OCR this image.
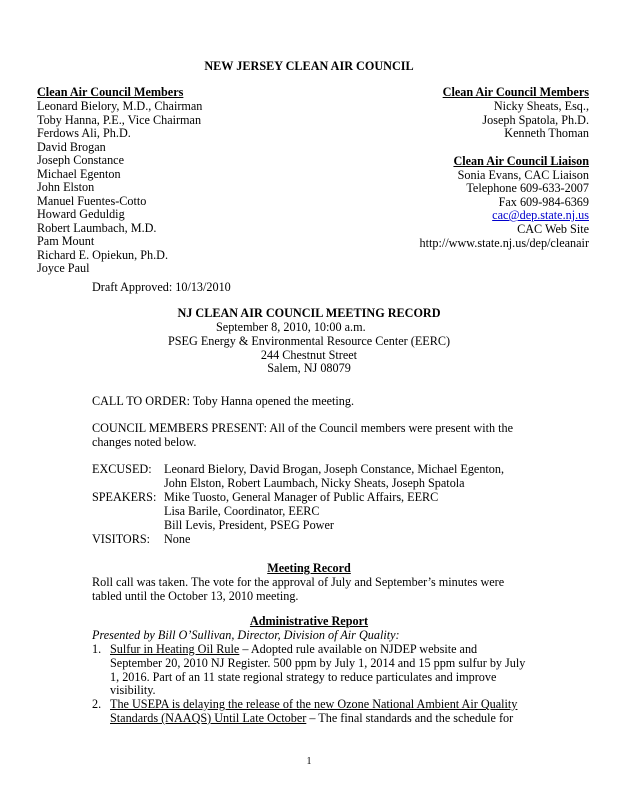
NEW JERSEY CLEAN AIR COUNCIL
Clean Air Council Members
Leonard Bielory, M.D., Chairman
Toby Hanna, P.E., Vice Chairman
Ferdows Ali, Ph.D.
David Brogan
Joseph Constance
Michael Egenton
John Elston
Manuel Fuentes-Cotto
Howard Geduldig
Robert Laumbach, M.D.
Pam Mount
Richard E. Opiekun, Ph.D.
Joyce Paul
Draft Approved: 10/13/2010
Clean Air Council Members
Nicky Sheats, Esq.,
Joseph Spatola, Ph.D.
Kenneth Thoman
Clean Air Council Liaison
Sonia Evans, CAC Liaison
Telephone 609-633-2007
Fax 609-984-6369
cac@dep.state.nj.us
CAC Web Site
http://www.state.nj.us/dep/cleanair
NJ CLEAN AIR COUNCIL MEETING RECORD
September 8, 2010, 10:00 a.m.
PSEG Energy & Environmental Resource Center (EERC)
244 Chestnut Street
Salem, NJ 08079
CALL TO ORDER: Toby Hanna opened the meeting.
COUNCIL MEMBERS PRESENT: All of the Council members were present with the
changes noted below.
EXCUSED: Leonard Bielory, David Brogan, Joseph Constance, Michael Egenton,
John Elston, Robert Laumbach, Nicky Sheats, Joseph Spatola
SPEAKERS: Mike Tuosto, General Manager of Public Affairs, EERC
Lisa Barile, Coordinator, EERC
Bill Levis, President, PSEG Power
VISITORS: None
Meeting Record
Roll call was taken. The vote for the approval of July and September’s minutes were
tabled until the October 13, 2010 meeting.
Administrative Report
Presented by Bill O’Sullivan, Director, Division of Air Quality:
1. Sulfur in Heating Oil Rule – Adopted rule available on NJDEP website and
September 20, 2010 NJ Register. 500 ppm by July 1, 2014 and 15 ppm sulfur by July
1, 2016. Part of an 11 state regional strategy to reduce particulates and improve
visibility.
2. The USEPA is delaying the release of the new Ozone National Ambient Air Quality
Standards (NAAQS) Until Late October – The final standards and the schedule for
1
